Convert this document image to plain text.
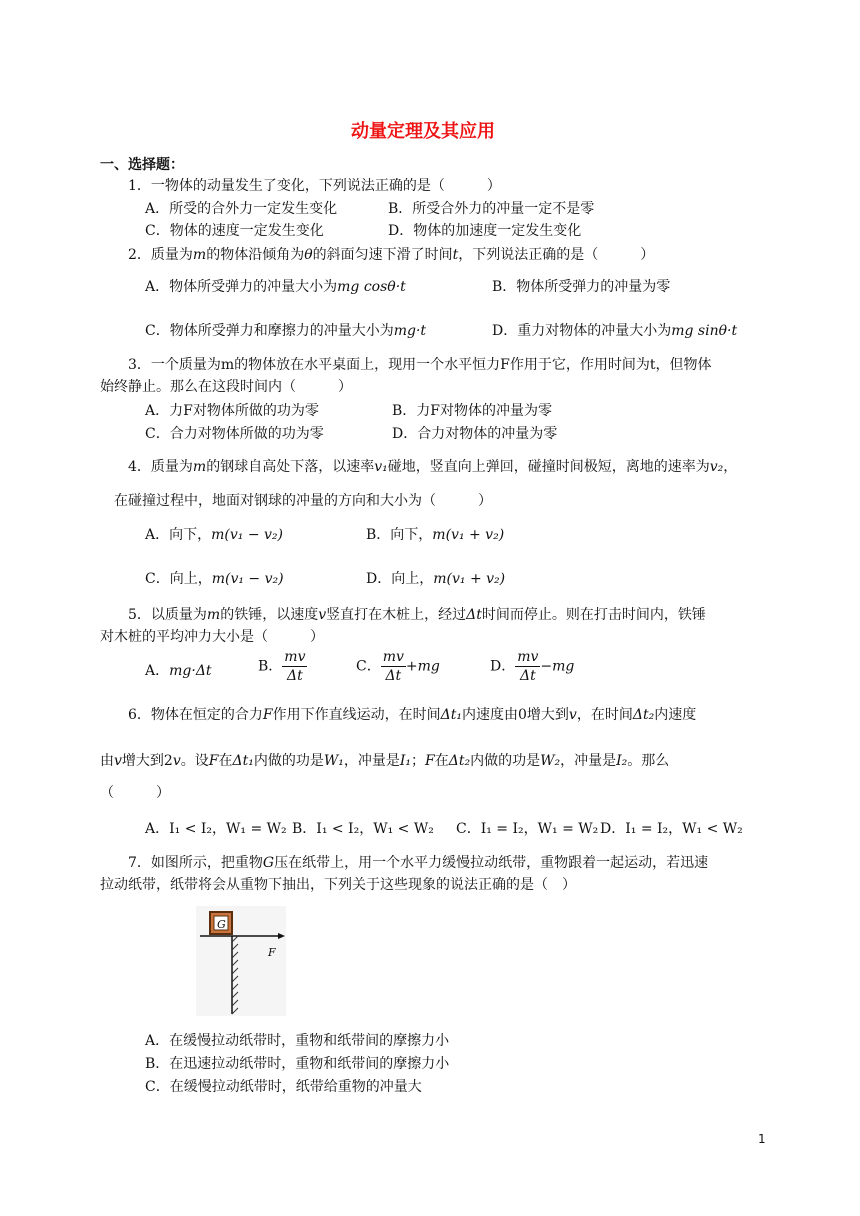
动量定理及其应用
一、选择题：
1．一物体的动量发生了变化，下列说法正确的是（　　　）
A．所受的合外力一定发生变化	B．所受合外力的冲量一定不是零
C．物体的速度一定发生变化	D．物体的加速度一定发生变化
2．质量为m的物体沿倾角为θ的斜面匀速下滑了时间t，下列说法正确的是（　　　）
A．物体所受弹力的冲量大小为mg cosθ·t	B．物体所受弹力的冲量为零
C．物体所受弹力和摩擦力的冲量大小为mg·t	D．重力对物体的冲量大小为mg sinθ·t
3．一个质量为m的物体放在水平桌面上，现用一个水平恒力F作用于它，作用时间为t，但物体
始终静止。那么在这段时间内（　　　）
A．力F对物体所做的功为零	B．力F对物体的冲量为零
C．合力对物体所做的功为零	D．合力对物体的冲量为零
4．质量为m的钢球自高处下落，以速率v₁碰地，竖直向上弹回，碰撞时间极短，离地的速率为v₂，
在碰撞过程中，地面对钢球的冲量的方向和大小为（　　　）
A．向下，m(v₁ − v₂)	B．向下，m(v₁ + v₂)
C．向上，m(v₁ − v₂)	D．向上，m(v₁ + v₂)
5．以质量为m的铁锤，以速度v竖直打在木桩上，经过Δt时间而停止。则在打击时间内，铁锤
对木桩的平均冲力大小是（　　　）
A．mg·Δt	B． $\frac{mv}{\Delta t}$	C． $\frac{mv}{\Delta t} +mg$	D． $\frac{mv}{\Delta t} -mg$
6．物体在恒定的合力F作用下作直线运动，在时间Δt₁内速度由0增大到v，在时间Δt₂内速度
由v增大到2v。设F在Δt₁内做的功是W₁，冲量是I₁；F在Δt₂内做的功是W₂，冲量是I₂。那么
（　　　）
A．I₁ < I₂，W₁ = W₂ B．I₁ < I₂，W₁ < W₂ C．I₁ = I₂，W₁ = W₂ D．I₁ = I₂，W₁ < W₂
7．如图所示，把重物G压在纸带上，用一个水平力缓慢拉动纸带，重物跟着一起运动，若迅速
拉动纸带，纸带将会从重物下抽出，下列关于这些现象的说法正确的是（　）
G
F
A．在缓慢拉动纸带时，重物和纸带间的摩擦力小
B．在迅速拉动纸带时，重物和纸带间的摩擦力小
C．在缓慢拉动纸带时，纸带给重物的冲量大
1
